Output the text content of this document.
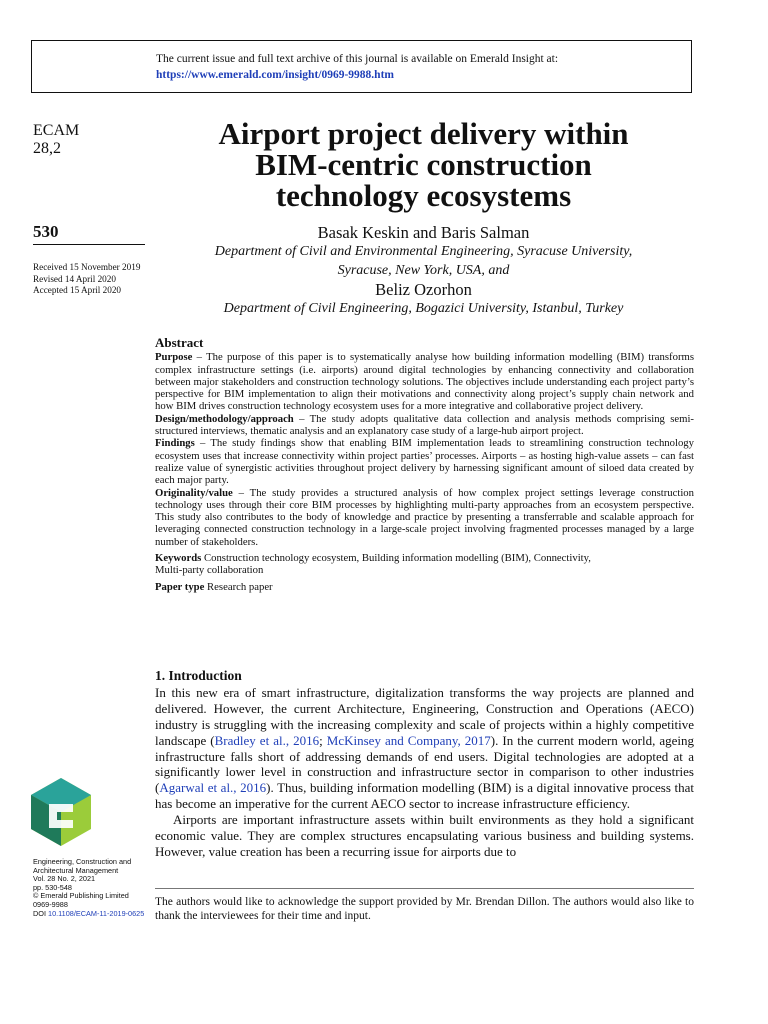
The current issue and full text archive of this journal is available on Emerald Insight at:
https://www.emerald.com/insight/0969-9988.htm
ECAM
28,2
530
Received 15 November 2019
Revised 14 April 2020
Accepted 15 April 2020
Airport project delivery within
BIM-centric construction
technology ecosystems
Basak Keskin and Baris Salman
Department of Civil and Environmental Engineering, Syracuse University,
Syracuse, New York, USA, and
Beliz Ozorhon
Department of Civil Engineering, Bogazici University, Istanbul, Turkey
Abstract

Purpose – The purpose of this paper is to systematically analyse how building information modelling (BIM) transforms complex infrastructure settings (i.e. airports) around digital technologies by enhancing connectivity and collaboration between major stakeholders and construction technology solutions. The objectives include understanding each project party’s perspective for BIM implementation to align their motivations and connectivity along project’s supply chain network and how BIM drives construction technology ecosystem uses for a more integrative and collaborative project delivery.

Design/methodology/approach – The study adopts qualitative data collection and analysis methods comprising semi-structured interviews, thematic analysis and an explanatory case study of a large-hub airport project.

Findings – The study findings show that enabling BIM implementation leads to streamlining construction technology ecosystem uses that increase connectivity within project parties’ processes. Airports – as hosting high-value assets – can fast realize value of synergistic activities throughout project delivery by harnessing significant amount of siloed data created by each major party.

Originality/value – The study provides a structured analysis of how complex project settings leverage construction technology uses through their core BIM processes by highlighting multi-party approaches from an ecosystem perspective. This study also contributes to the body of knowledge and practice by presenting a transferrable and scalable approach for leveraging connected construction technology in a large-scale project involving fragmented processes managed by a large number of stakeholders.

Keywords Construction technology ecosystem, Building information modelling (BIM), Connectivity,
Multi-party collaboration

Paper type Research paper

1. Introduction

In this new era of smart infrastructure, digitalization transforms the way projects are planned and delivered. However, the current Architecture, Engineering, Construction and Operations (AECO) industry is struggling with the increasing complexity and scale of projects within a highly competitive landscape (Bradley et al., 2016; McKinsey and Company, 2017). In the current modern world, ageing infrastructure falls short of addressing demands of end users. Digital technologies are adopted at a significantly lower level in construction and infrastructure sector in comparison to other industries (Agarwal et al., 2016). Thus, building information modelling (BIM) is a digital innovative process that has become an imperative for the current AECO sector to increase infrastructure efficiency.

Airports are important infrastructure assets within built environments as they hold a significant economic value. They are complex structures encapsulating various business and building systems. However, value creation has been a recurring issue for airports due to

The authors would like to acknowledge the support provided by Mr. Brendan Dillon. The authors would also like to thank the interviewees for their time and input.
Engineering, Construction and
Architectural Management
Vol. 28 No. 2, 2021
pp. 530-548
© Emerald Publishing Limited
0969-9988
DOI 10.1108/ECAM-11-2019-0625
